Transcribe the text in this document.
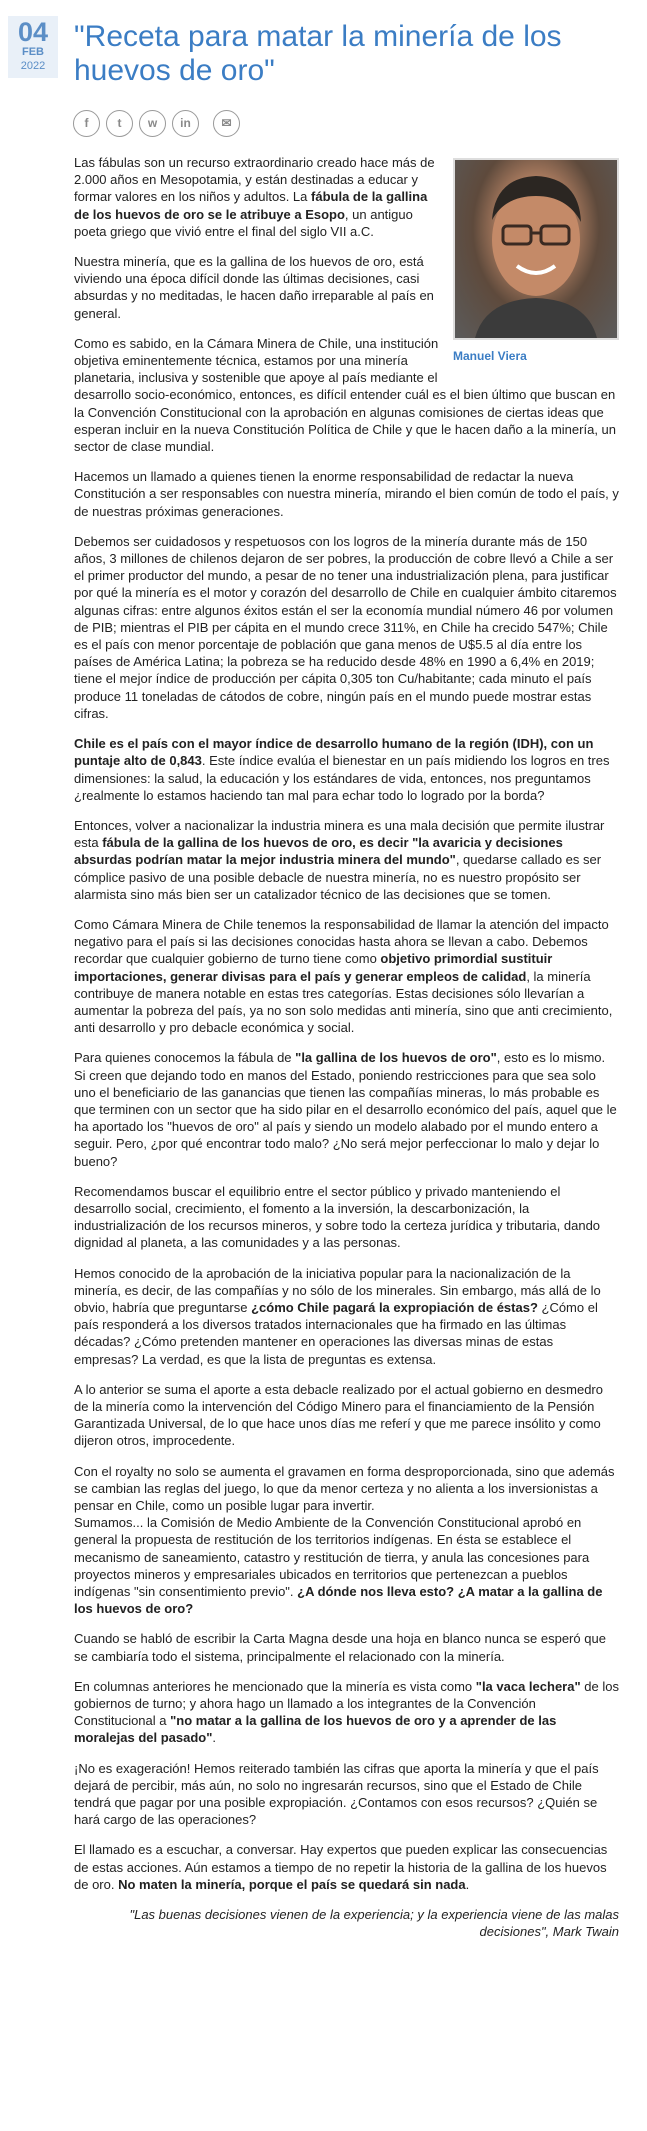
04
FEB
2022
"Receta para matar la minería de los huevos de oro"
f t w in	✉
Manuel Viera

Las fábulas son un recurso extraordinario creado hace más de 2.000 años en Mesopotamia, y están destinadas a educar y formar valores en los niños y adultos. La fábula de la gallina de los huevos de oro se le atribuye a Esopo, un antiguo poeta griego que vivió entre el final del siglo VII a.C.

Nuestra minería, que es la gallina de los huevos de oro, está viviendo una época difícil donde las últimas decisiones, casi absurdas y no meditadas, le hacen daño irreparable al país en general.

Como es sabido, en la Cámara Minera de Chile, una institución objetiva eminentemente técnica, estamos por una minería planetaria, inclusiva y sostenible que apoye al país mediante el desarrollo socio-económico, entonces, es difícil entender cuál es el bien último que buscan en la Convención Constitucional con la aprobación en algunas comisiones de ciertas ideas que esperan incluir en la nueva Constitución Política de Chile y que le hacen daño a la minería, un sector de clase mundial.

Hacemos un llamado a quienes tienen la enorme responsabilidad de redactar la nueva Constitución a ser responsables con nuestra minería, mirando el bien común de todo el país, y de nuestras próximas generaciones.

Debemos ser cuidadosos y respetuosos con los logros de la minería durante más de 150 años, 3 millones de chilenos dejaron de ser pobres, la producción de cobre llevó a Chile a ser el primer productor del mundo, a pesar de no tener una industrialización plena, para justificar por qué la minería es el motor y corazón del desarrollo de Chile en cualquier ámbito citaremos algunas cifras: entre algunos éxitos están el ser la economía mundial número 46 por volumen de PIB; mientras el PIB per cápita en el mundo crece 311%, en Chile ha crecido 547%; Chile es el país con menor porcentaje de población que gana menos de U$5.5 al día entre los países de América Latina; la pobreza se ha reducido desde 48% en 1990 a 6,4% en 2019; tiene el mejor índice de producción per cápita 0,305 ton Cu/habitante; cada minuto el país produce 11 toneladas de cátodos de cobre, ningún país en el mundo puede mostrar estas cifras.

Chile es el país con el mayor índice de desarrollo humano de la región (IDH), con un puntaje alto de 0,843. Este índice evalúa el bienestar en un país midiendo los logros en tres dimensiones: la salud, la educación y los estándares de vida, entonces, nos preguntamos ¿realmente lo estamos haciendo tan mal para echar todo lo logrado por la borda?

Entonces, volver a nacionalizar la industria minera es una mala decisión que permite ilustrar esta fábula de la gallina de los huevos de oro, es decir "la avaricia y decisiones absurdas podrían matar la mejor industria minera del mundo", quedarse callado es ser cómplice pasivo de una posible debacle de nuestra minería, no es nuestro propósito ser alarmista sino más bien ser un catalizador técnico de las decisiones que se tomen.

Como Cámara Minera de Chile tenemos la responsabilidad de llamar la atención del impacto negativo para el país si las decisiones conocidas hasta ahora se llevan a cabo. Debemos recordar que cualquier gobierno de turno tiene como objetivo primordial sustituir importaciones, generar divisas para el país y generar empleos de calidad, la minería contribuye de manera notable en estas tres categorías. Estas decisiones sólo llevarían a aumentar la pobreza del país, ya no son solo medidas anti minería, sino que anti crecimiento, anti desarrollo y pro debacle económica y social.

Para quienes conocemos la fábula de "la gallina de los huevos de oro", esto es lo mismo. Si creen que dejando todo en manos del Estado, poniendo restricciones para que sea solo uno el beneficiario de las ganancias que tienen las compañías mineras, lo más probable es que terminen con un sector que ha sido pilar en el desarrollo económico del país, aquel que le ha aportado los "huevos de oro" al país y siendo un modelo alabado por el mundo entero a seguir. Pero, ¿por qué encontrar todo malo? ¿No será mejor perfeccionar lo malo y dejar lo bueno?

Recomendamos buscar el equilibrio entre el sector público y privado manteniendo el desarrollo social, crecimiento, el fomento a la inversión, la descarbonización, la industrialización de los recursos mineros, y sobre todo la certeza jurídica y tributaria, dando dignidad al planeta, a las comunidades y a las personas.

Hemos conocido de la aprobación de la iniciativa popular para la nacionalización de la minería, es decir, de las compañías y no sólo de los minerales. Sin embargo, más allá de lo obvio, habría que preguntarse ¿cómo Chile pagará la expropiación de éstas? ¿Cómo el país responderá a los diversos tratados internacionales que ha firmado en las últimas décadas? ¿Cómo pretenden mantener en operaciones las diversas minas de estas empresas? La verdad, es que la lista de preguntas es extensa.

A lo anterior se suma el aporte a esta debacle realizado por el actual gobierno en desmedro de la minería como la intervención del Código Minero para el financiamiento de la Pensión Garantizada Universal, de lo que hace unos días me referí y que me parece insólito y como dijeron otros, improcedente.

Con el royalty no solo se aumenta el gravamen en forma desproporcionada, sino que además se cambian las reglas del juego, lo que da menor certeza y no alienta a los inversionistas a pensar en Chile, como un posible lugar para invertir.
Sumamos... la Comisión de Medio Ambiente de la Convención Constitucional aprobó en general la propuesta de restitución de los territorios indígenas. En ésta se establece el mecanismo de saneamiento, catastro y restitución de tierra, y anula las concesiones para proyectos mineros y empresariales ubicados en territorios que pertenezcan a pueblos indígenas "sin consentimiento previo". ¿A dónde nos lleva esto? ¿A matar a la gallina de los huevos de oro?

Cuando se habló de escribir la Carta Magna desde una hoja en blanco nunca se esperó que se cambiaría todo el sistema, principalmente el relacionado con la minería.

En columnas anteriores he mencionado que la minería es vista como "la vaca lechera" de los gobiernos de turno; y ahora hago un llamado a los integrantes de la Convención Constitucional a "no matar a la gallina de los huevos de oro y a aprender de las moralejas del pasado".

¡No es exageración! Hemos reiterado también las cifras que aporta la minería y que el país dejará de percibir, más aún, no solo no ingresarán recursos, sino que el Estado de Chile tendrá que pagar por una posible expropiación. ¿Contamos con esos recursos? ¿Quién se hará cargo de las operaciones?

El llamado es a escuchar, a conversar. Hay expertos que pueden explicar las consecuencias de estas acciones. Aún estamos a tiempo de no repetir la historia de la gallina de los huevos de oro. No maten la minería, porque el país se quedará sin nada.

"Las buenas decisiones vienen de la experiencia; y la experiencia viene de las malas decisiones", Mark Twain
